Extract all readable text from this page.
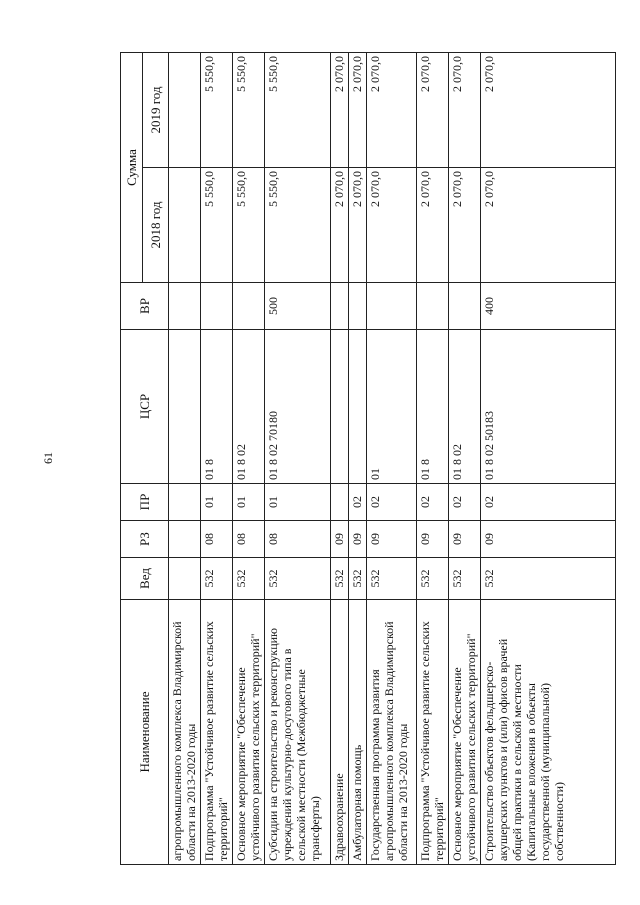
61
Наименование	Вед	РЗ	ПР	ЦСР	ВР	Сумма	
						2018 год	2019 год
агропромышленного комплекса Владимирской области на 2013-2020 годы							
Подпрограмма "Устойчивое развитие сельских территорий"	532	08	01	01 8		5 550,0	5 550,0
Основное мероприятие "Обеспечение устойчивого развития сельских территорий"	532	08	01	01 8 02		5 550,0	5 550,0
Субсидии на строительство и реконструкцию учреждений культурно-досугового типа в сельской местности (Межбюджетные трансферты)	532	08	01	01 8 02 70180	500	5 550,0	5 550,0
Здравоохранение	532	09				2 070,0	2 070,0
Амбулаторная помощь	532	09	02			2 070,0	2 070,0
Государственная программа развития агропромышленного комплекса Владимирской области на 2013-2020 годы	532	09	02	01		2 070,0	2 070,0
Подпрограмма "Устойчивое развитие сельских территорий"	532	09	02	01 8		2 070,0	2 070,0
Основное мероприятие "Обеспечение устойчивого развития сельских территорий"	532	09	02	01 8 02		2 070,0	2 070,0
Строительство объектов фельдшерско-акушерских пунктов и (или) офисов врачей общей практики в сельской местности (Капитальные вложения в объекты государственной (муниципальной) собственности)	532	09	02	01 8 02 50183	400	2 070,0	2 070,0
